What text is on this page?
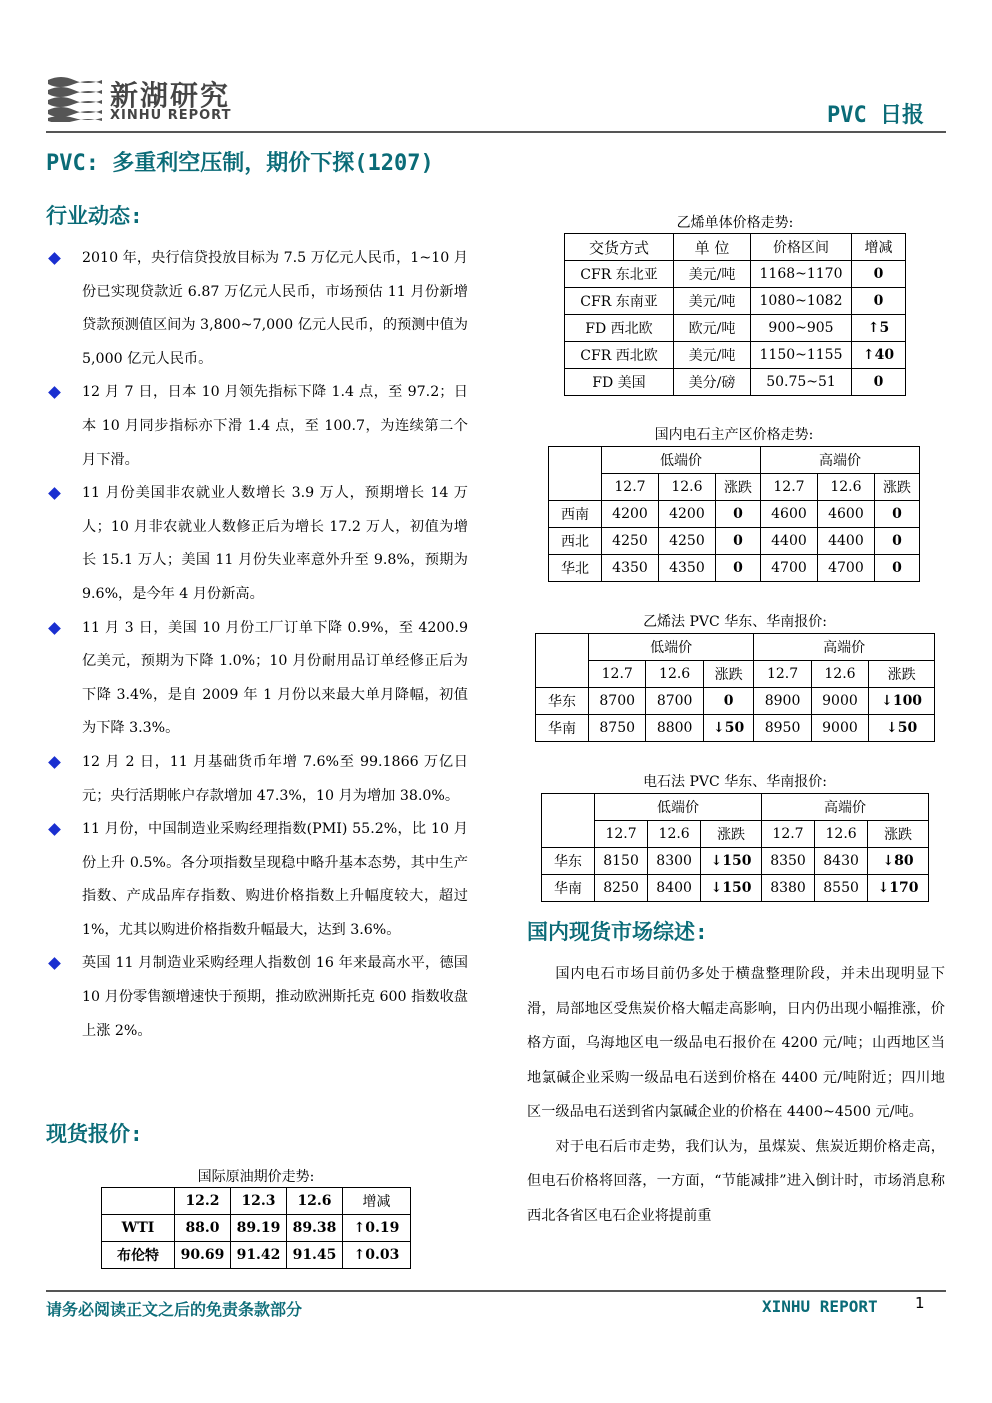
新湖研究
XINHU REPORT	PVC 日报
PVC: 多重利空压制，期价下探(1207)
行业动态:
2010 年，央行信贷投放目标为 7.5 万亿元人民币，1~10 月份已实现贷款近 6.87 万亿元人民币，市场预估 11 月份新增贷款预测值区间为 3,800~7,000 亿元人民币，的预测中值为 5,000 亿元人民币。
12 月 7 日，日本 10 月领先指标下降 1.4 点，至 97.2；日本 10 月同步指标亦下滑 1.4 点，至 100.7，为连续第二个月下滑。
11 月份美国非农就业人数增长 3.9 万人，预期增长 14 万人；10 月非农就业人数修正后为增长 17.2 万人，初值为增长 15.1 万人；美国 11 月份失业率意外升至 9.8%，预期为 9.6%，是今年 4 月份新高。
11 月 3 日，美国 10 月份工厂订单下降 0.9%，至 4200.9 亿美元，预期为下降 1.0%；10 月份耐用品订单经修正后为下降 3.4%，是自 2009 年 1 月份以来最大单月降幅，初值为下降 3.3%。
12 月 2 日，11 月基础货币年增 7.6%至 99.1866 万亿日元；央行活期帐户存款增加 47.3%，10 月为增加 38.0%。
11 月份，中国制造业采购经理指数(PMI) 55.2%，比 10 月份上升 0.5%。各分项指数呈现稳中略升基本态势，其中生产指数、产成品库存指数、购进价格指数上升幅度较大，超过 1%，尤其以购进价格指数升幅最大，达到 3.6%。
英国 11 月制造业采购经理人指数创 16 年来最高水平，德国 10 月份零售额增速快于预期，推动欧洲斯托克 600 指数收盘上涨 2%。
现货报价:
国际原油期价走势:
	12.2	12.3	12.6	增减
WTI	88.0	89.19	89.38	↑0.19
布伦特	90.69	91.42	91.45	↑0.03
乙烯单体价格走势:
交货方式	单 位	价格区间	增减
CFR 东北亚	美元/吨	1168~1170	0
CFR 东南亚	美元/吨	1080~1082	0
FD 西北欧	欧元/吨	900~905	↑5
CFR 西北欧	美元/吨	1150~1155	↑40
FD 美国	美分/磅	50.75~51	0
国内电石主产区价格走势:
	低端价			高端价		
	12.7	12.6	涨跌	12.7	12.6	涨跌
西南	4200	4200	0	4600	4600	0
西北	4250	4250	0	4400	4400	0
华北	4350	4350	0	4700	4700	0
乙烯法 PVC 华东、华南报价:
	低端价			高端价		
	12.7	12.6	涨跌	12.7	12.6	涨跌
华东	8700	8700	0	8900	9000	↓100
华南	8750	8800	↓50	8950	9000	↓50
电石法 PVC 华东、华南报价:
	低端价			高端价		
	12.7	12.6	涨跌	12.7	12.6	涨跌
华东	8150	8300	↓150	8350	8430	↓80
华南	8250	8400	↓150	8380	8550	↓170
国内现货市场综述:

国内电石市场目前仍多处于横盘整理阶段，并未出现明显下滑，局部地区受焦炭价格大幅走高影响，日内仍出现小幅推涨，价格方面，乌海地区电一级品电石报价在 4200 元/吨；山西地区当地氯碱企业采购一级品电石送到价格在 4400 元/吨附近；四川地区一级品电石送到省内氯碱企业的价格在 4400~4500 元/吨。

对于电石后市走势，我们认为，虽煤炭、焦炭近期价格走高，但电石价格将回落，一方面，“节能减排”进入倒计时，市场消息称西北各省区电石企业将提前重

请务必阅读正文之后的免责条款部分	XINHU REPORT 1
